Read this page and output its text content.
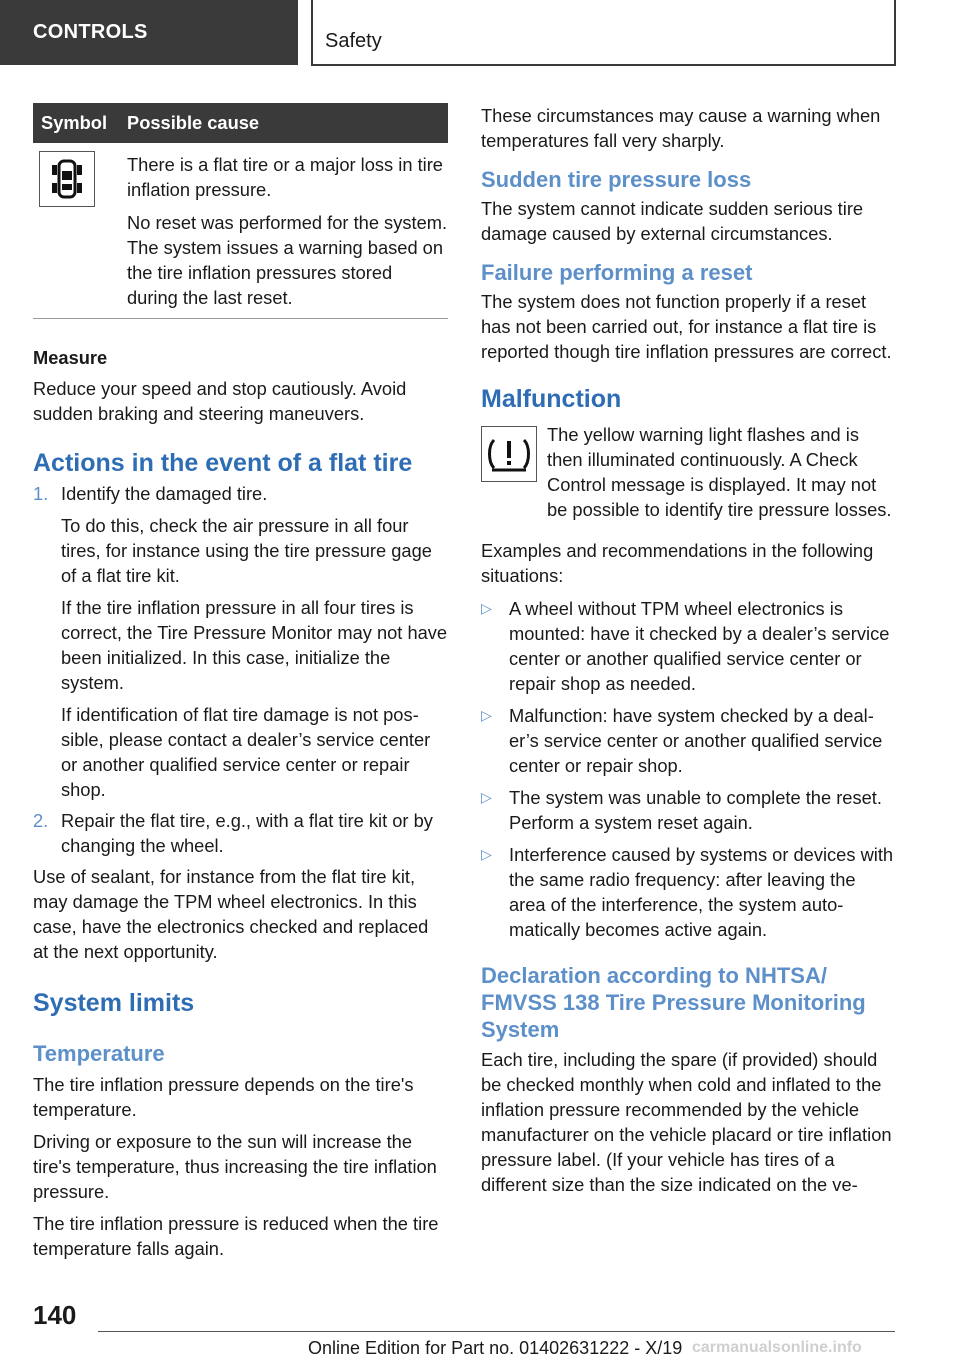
CONTROLS	Safety
Symbol	Possible cause

There is a flat tire or a major loss in tire inflation pressure.

No reset was performed for the system. The system issues a warning based on the tire inflation pressures stored during the last reset.

Measure

Reduce your speed and stop cautiously. Avoid sudden braking and steering maneuvers.

Actions in the event of a flat tire
1. Identify the damaged tire.

To do this, check the air pressure in all four tires, for instance using the tire pressure gage of a flat tire kit.

If the tire inflation pressure in all four tires is correct, the Tire Pressure Monitor may not have been initialized. In this case, initialize the system.

If identification of flat tire damage is not possible, please contact a dealer’s service center or another qualified service center or repair shop.

2. Repair the flat tire, e.g., with a flat tire kit or by changing the wheel.

Use of sealant, for instance from the flat tire kit, may damage the TPM wheel electronics. In this case, have the electronics checked and replaced at the next opportunity.

System limits
Temperature

The tire inflation pressure depends on the tire's temperature.

Driving or exposure to the sun will increase the tire's temperature, thus increasing the tire inflation pressure.

The tire inflation pressure is reduced when the tire temperature falls again.

These circumstances may cause a warning when temperatures fall very sharply.

Sudden tire pressure loss

The system cannot indicate sudden serious tire damage caused by external circumstances.

Failure performing a reset

The system does not function properly if a reset has not been carried out, for instance a flat tire is reported though tire inflation pressures are correct.

Malfunction

The yellow warning light flashes and is then illuminated continuously. A Check Control message is displayed. It may not be possible to identify tire pressure losses.

Examples and recommendations in the following situations:

▷ A wheel without TPM wheel electronics is mounted: have it checked by a dealer’s service center or another qualified service center or repair shop as needed.

▷ Malfunction: have system checked by a dealer’s service center or another qualified service center or repair shop.

▷ The system was unable to complete the reset. Perform a system reset again.

▷ Interference caused by systems or devices with the same radio frequency: after leaving the area of the interference, the system automatically becomes active again.

Declaration according to NHTSA/ FMVSS 138 Tire Pressure Monitoring System

Each tire, including the spare (if provided) should be checked monthly when cold and inflated to the inflation pressure recommended by the vehicle manufacturer on the vehicle placard or tire inflation pressure label. (If your vehicle has tires of a different size than the size indicated on the ve-

140
Online Edition for Part no. 01402631222 - X/19 carmanualsonline.info
